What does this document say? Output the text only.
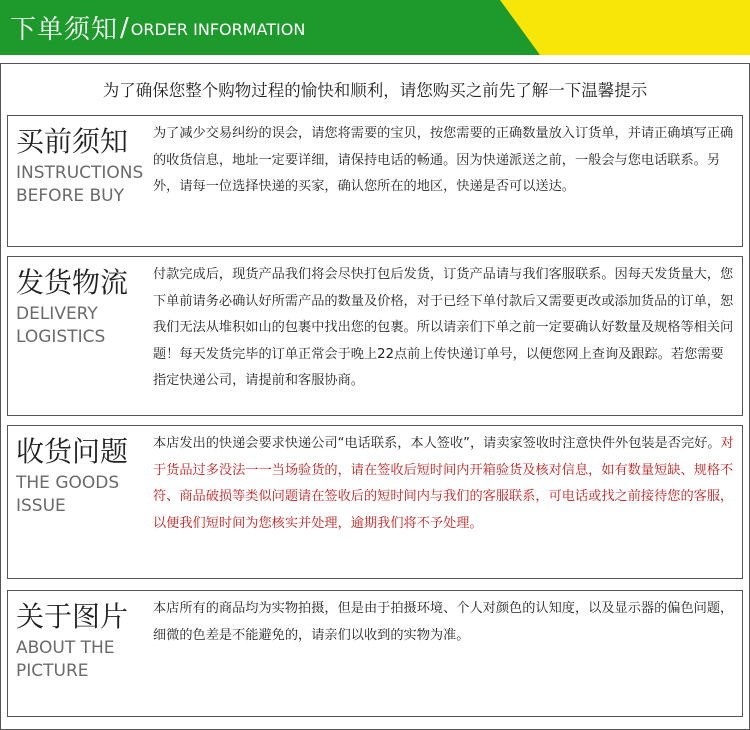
下单须知 / ORDER INFORMATION
为了确保您整个购物过程的愉快和顺利，请您购买之前先了解一下温馨提示
买前须知
INSTRUCTIONS
BEFORE BUY
为了减少交易纠纷的误会，请您将需要的宝贝，按您需要的正确数量放入订货单，并请正确填写正确的收货信息，地址一定要详细，请保持电话的畅通。因为快递派送之前，一般会与您电话联系。另外，请每一位选择快递的买家，确认您所在的地区，快递是否可以送达。
发货物流
DELIVERY
LOGISTICS
付款完成后，现货产品我们将会尽快打包后发货，订货产品请与我们客服联系。因每天发货量大，您下单前请务必确认好所需产品的数量及价格，对于已经下单付款后又需要更改或添加货品的订单，恕我们无法从堆积如山的包裹中找出您的包裹。所以请亲们下单之前一定要确认好数量及规格等相关问题！每天发货完毕的订单正常会于晚上22点前上传快递订单号，以便您网上查询及跟踪。若您需要指定快递公司，请提前和客服协商。
收货问题
THE GOODS
ISSUE
本店发出的快递会要求快递公司“电话联系，本人签收”，请卖家签收时注意快件外包装是否完好。对于货品过多没法一一当场验货的，请在签收后短时间内开箱验货及核对信息，如有数量短缺、规格不符、商品破损等类似问题请在签收后的短时间内与我们的客服联系，可电话或找之前接待您的客服，以便我们短时间为您核实并处理，逾期我们将不予处理。
关于图片
ABOUT THE
PICTURE
本店所有的商品均为实物拍摄，但是由于拍摄环境、个人对颜色的认知度，以及显示器的偏色问题，细微的色差是不能避免的，请亲们以收到的实物为准。
